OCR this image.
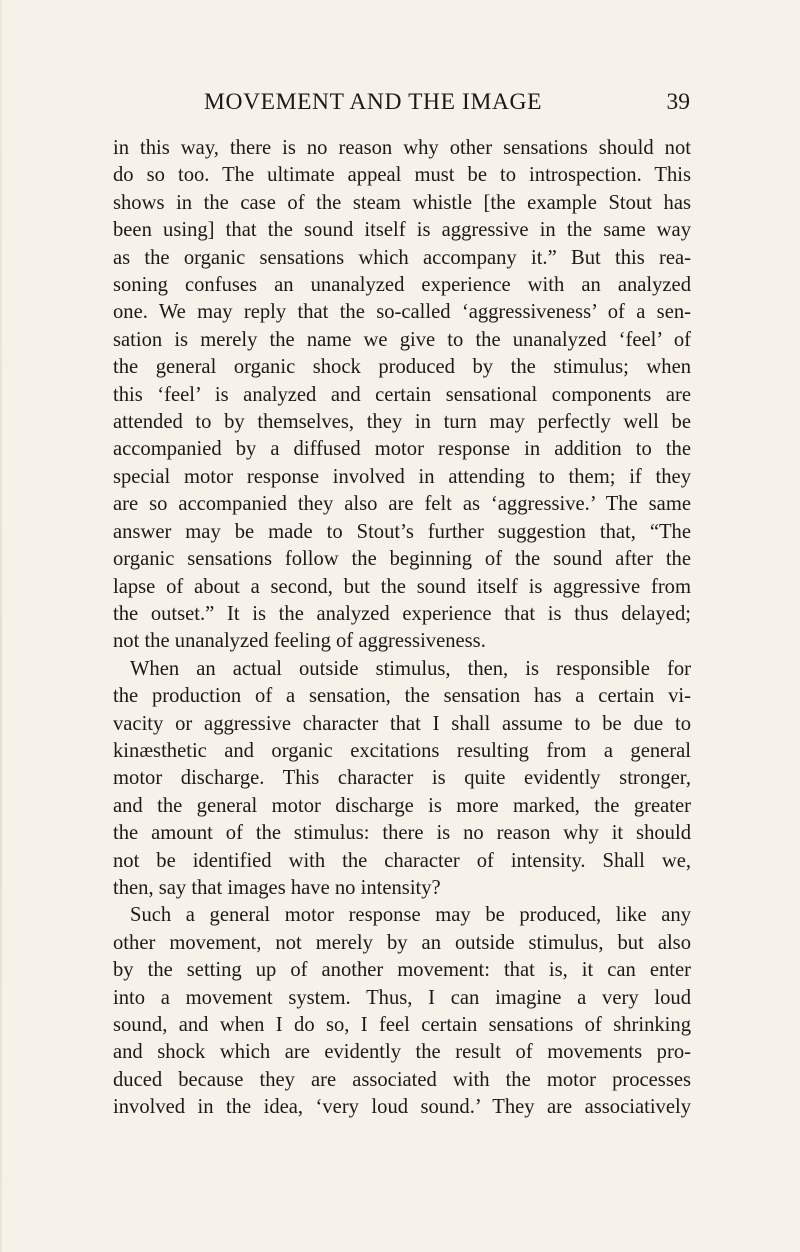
MOVEMENT AND THE IMAGE	39

in this way, there is no reason why other sensations should not
do so too. The ultimate appeal must be to introspection. This
shows in the case of the steam whistle [the example Stout has
been using] that the sound itself is aggressive in the same way
as the organic sensations which accompany it.” But this rea-
soning confuses an unanalyzed experience with an analyzed
one. We may reply that the so-called ‘aggressiveness’ of a sen-
sation is merely the name we give to the unanalyzed ‘feel’ of
the general organic shock produced by the stimulus; when
this ‘feel’ is analyzed and certain sensational components are
attended to by themselves, they in turn may perfectly well be
accompanied by a diffused motor response in addition to the
special motor response involved in attending to them; if they
are so accompanied they also are felt as ‘aggressive.’ The same
answer may be made to Stout’s further suggestion that, “The
organic sensations follow the beginning of the sound after the
lapse of about a second, but the sound itself is aggressive from
the outset.” It is the analyzed experience that is thus delayed;
not the unanalyzed feeling of aggressiveness.

When an actual outside stimulus, then, is responsible for
the production of a sensation, the sensation has a certain vi-
vacity or aggressive character that I shall assume to be due to
kinæsthetic and organic excitations resulting from a general
motor discharge. This character is quite evidently stronger,
and the general motor discharge is more marked, the greater
the amount of the stimulus: there is no reason why it should
not be identified with the character of intensity. Shall we,
then, say that images have no intensity?

Such a general motor response may be produced, like any
other movement, not merely by an outside stimulus, but also
by the setting up of another movement: that is, it can enter
into a movement system. Thus, I can imagine a very loud
sound, and when I do so, I feel certain sensations of shrinking
and shock which are evidently the result of movements pro-
duced because they are associated with the motor processes
involved in the idea, ‘very loud sound.’ They are associatively
